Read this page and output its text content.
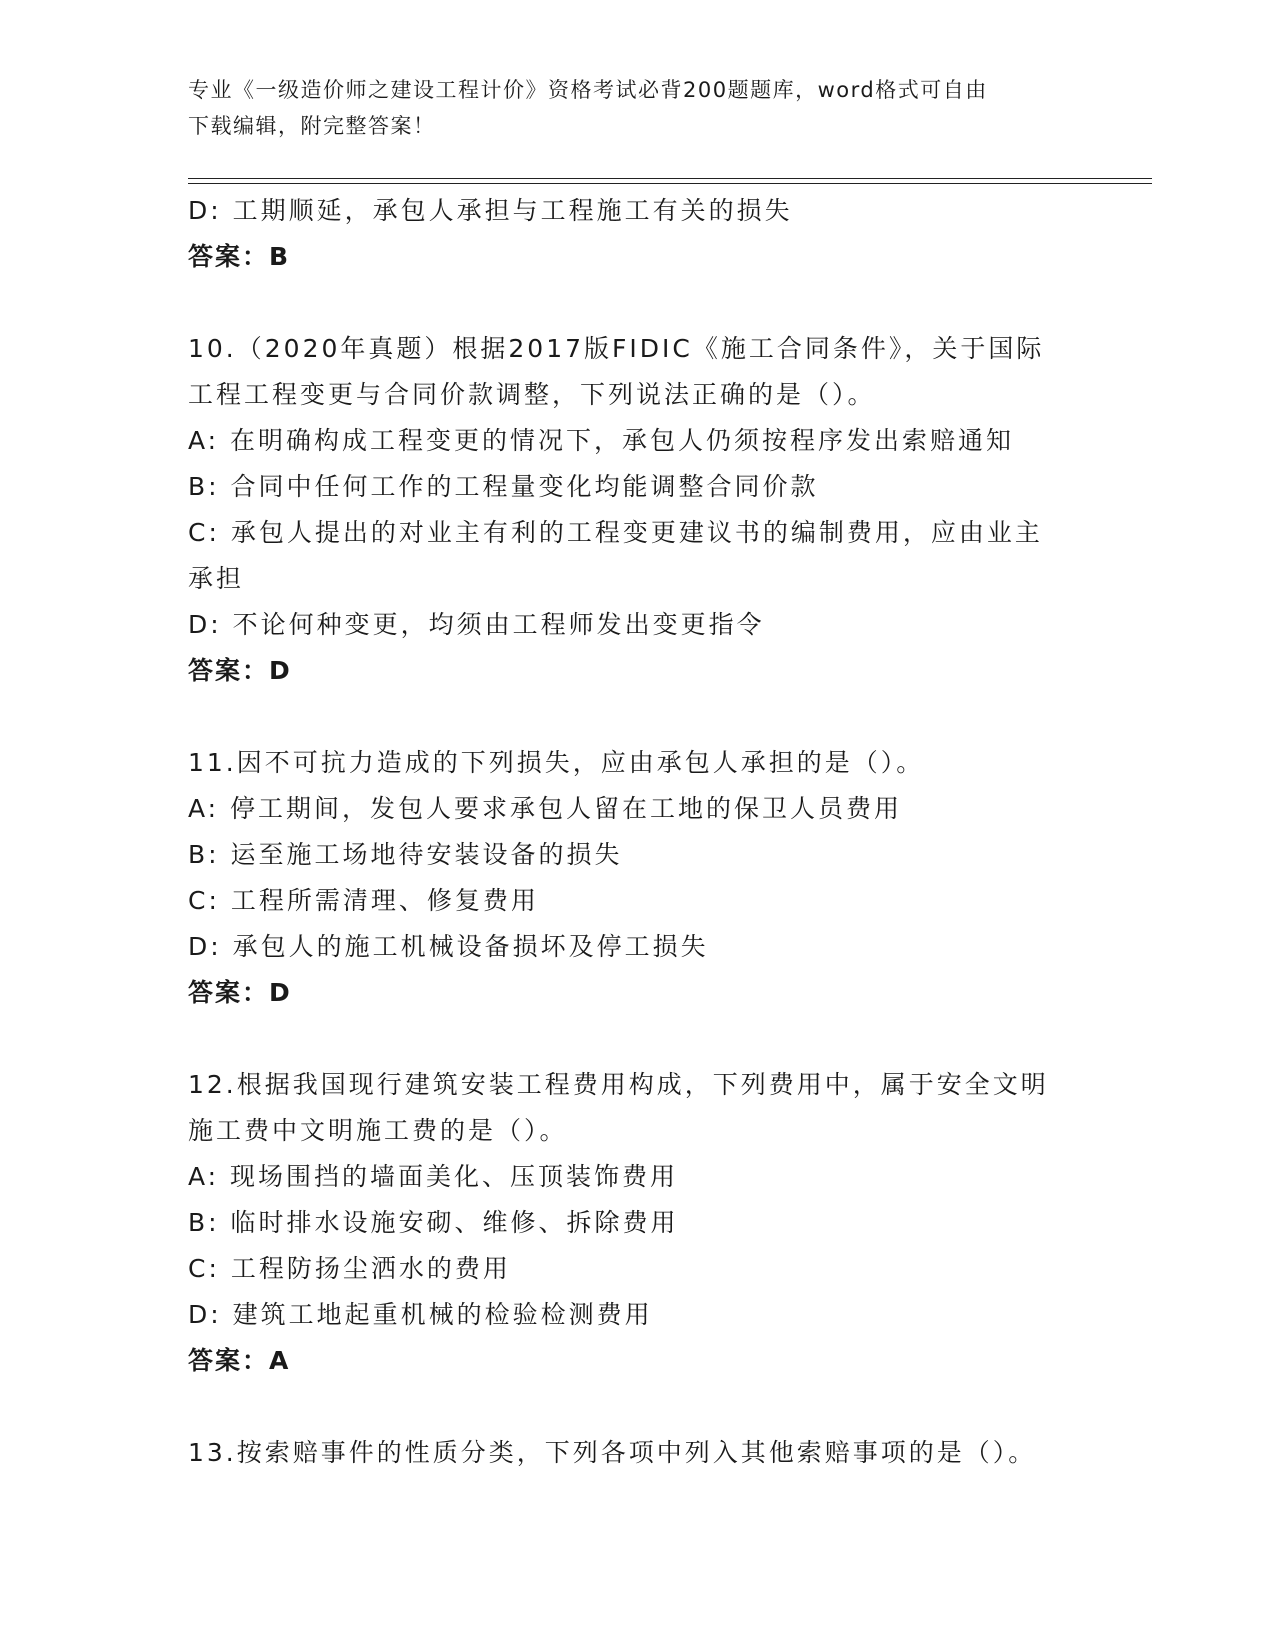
专业《一级造价师之建设工程计价》资格考试必背200题题库，word格式可自由
下载编辑，附完整答案！
D: 工期顺延，承包人承担与工程施工有关的损失
答案：B
10.（2020年真题）根据2017版FIDIC《施工合同条件》，关于国际
工程工程变更与合同价款调整，下列说法正确的是（）。
A: 在明确构成工程变更的情况下，承包人仍须按程序发出索赔通知
B: 合同中任何工作的工程量变化均能调整合同价款
C: 承包人提出的对业主有利的工程变更建议书的编制费用，应由业主
承担
D: 不论何种变更，均须由工程师发出变更指令
答案：D
11.因不可抗力造成的下列损失，应由承包人承担的是（）。
A: 停工期间，发包人要求承包人留在工地的保卫人员费用
B: 运至施工场地待安装设备的损失
C: 工程所需清理、修复费用
D: 承包人的施工机械设备损坏及停工损失
答案：D
12.根据我国现行建筑安装工程费用构成，下列费用中，属于安全文明
施工费中文明施工费的是（）。
A: 现场围挡的墙面美化、压顶装饰费用
B: 临时排水设施安砌、维修、拆除费用
C: 工程防扬尘洒水的费用
D: 建筑工地起重机械的检验检测费用
答案：A
13.按索赔事件的性质分类，下列各项中列入其他索赔事项的是（）。
